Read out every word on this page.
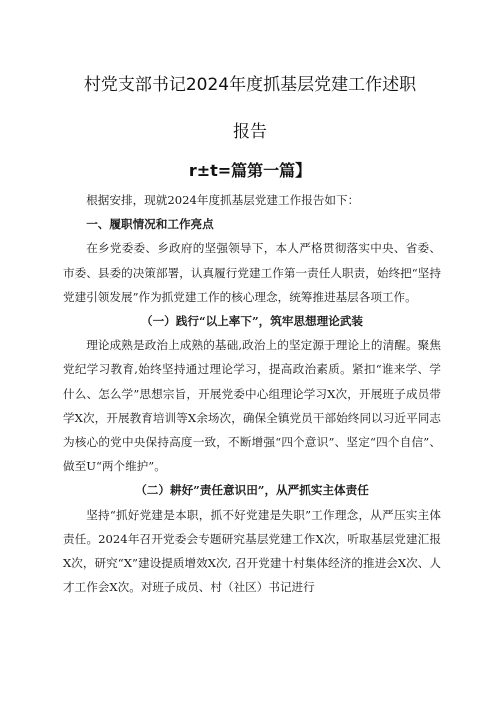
村党支部书记2024年度抓基层党建工作述职
报告
r±t=篇第一篇】

根据安排，现就2024年度抓基层党建工作报告如下：

一、履职情况和工作亮点

在乡党委委、乡政府的坚强领导下，本人严格贯彻落实中央、省委、市委、县委的决策部署，认真履行党建工作第一责任人职责，始终把“坚持党建引领发展”作为抓党建工作的核心理念，统筹推进基层各项工作。

（一）践行“以上率下”，筑牢思想理论武装

理论成熟是政治上成熟的基础,政治上的坚定源于理论上的清醒。聚焦党纪学习教育,始终坚持通过理论学习，提高政治素质。紧扣“谁来学、学什么、怎么学”思想宗旨，开展党委中心组理论学习X次，开展班子成员带学X次，开展教育培训等X余场次，确保全镇党员干部始终同以习近平同志为核心的党中央保持高度一致，不断增强“四个意识”、坚定“四个自信”、做至U“两个维护”。

（二）耕好”责任意识田”，从严抓实主体责任

坚持“抓好党建是本职，抓不好党建是失职”工作理念，从严压实主体责任。2024年召开党委会专题研究基层党建工作X次，听取基层党建汇报X次，研究“X”建设提质增效X次, 召开党建十村集体经济的推进会X次、人才工作会X次。对班子成员、村（社区）书记进行
